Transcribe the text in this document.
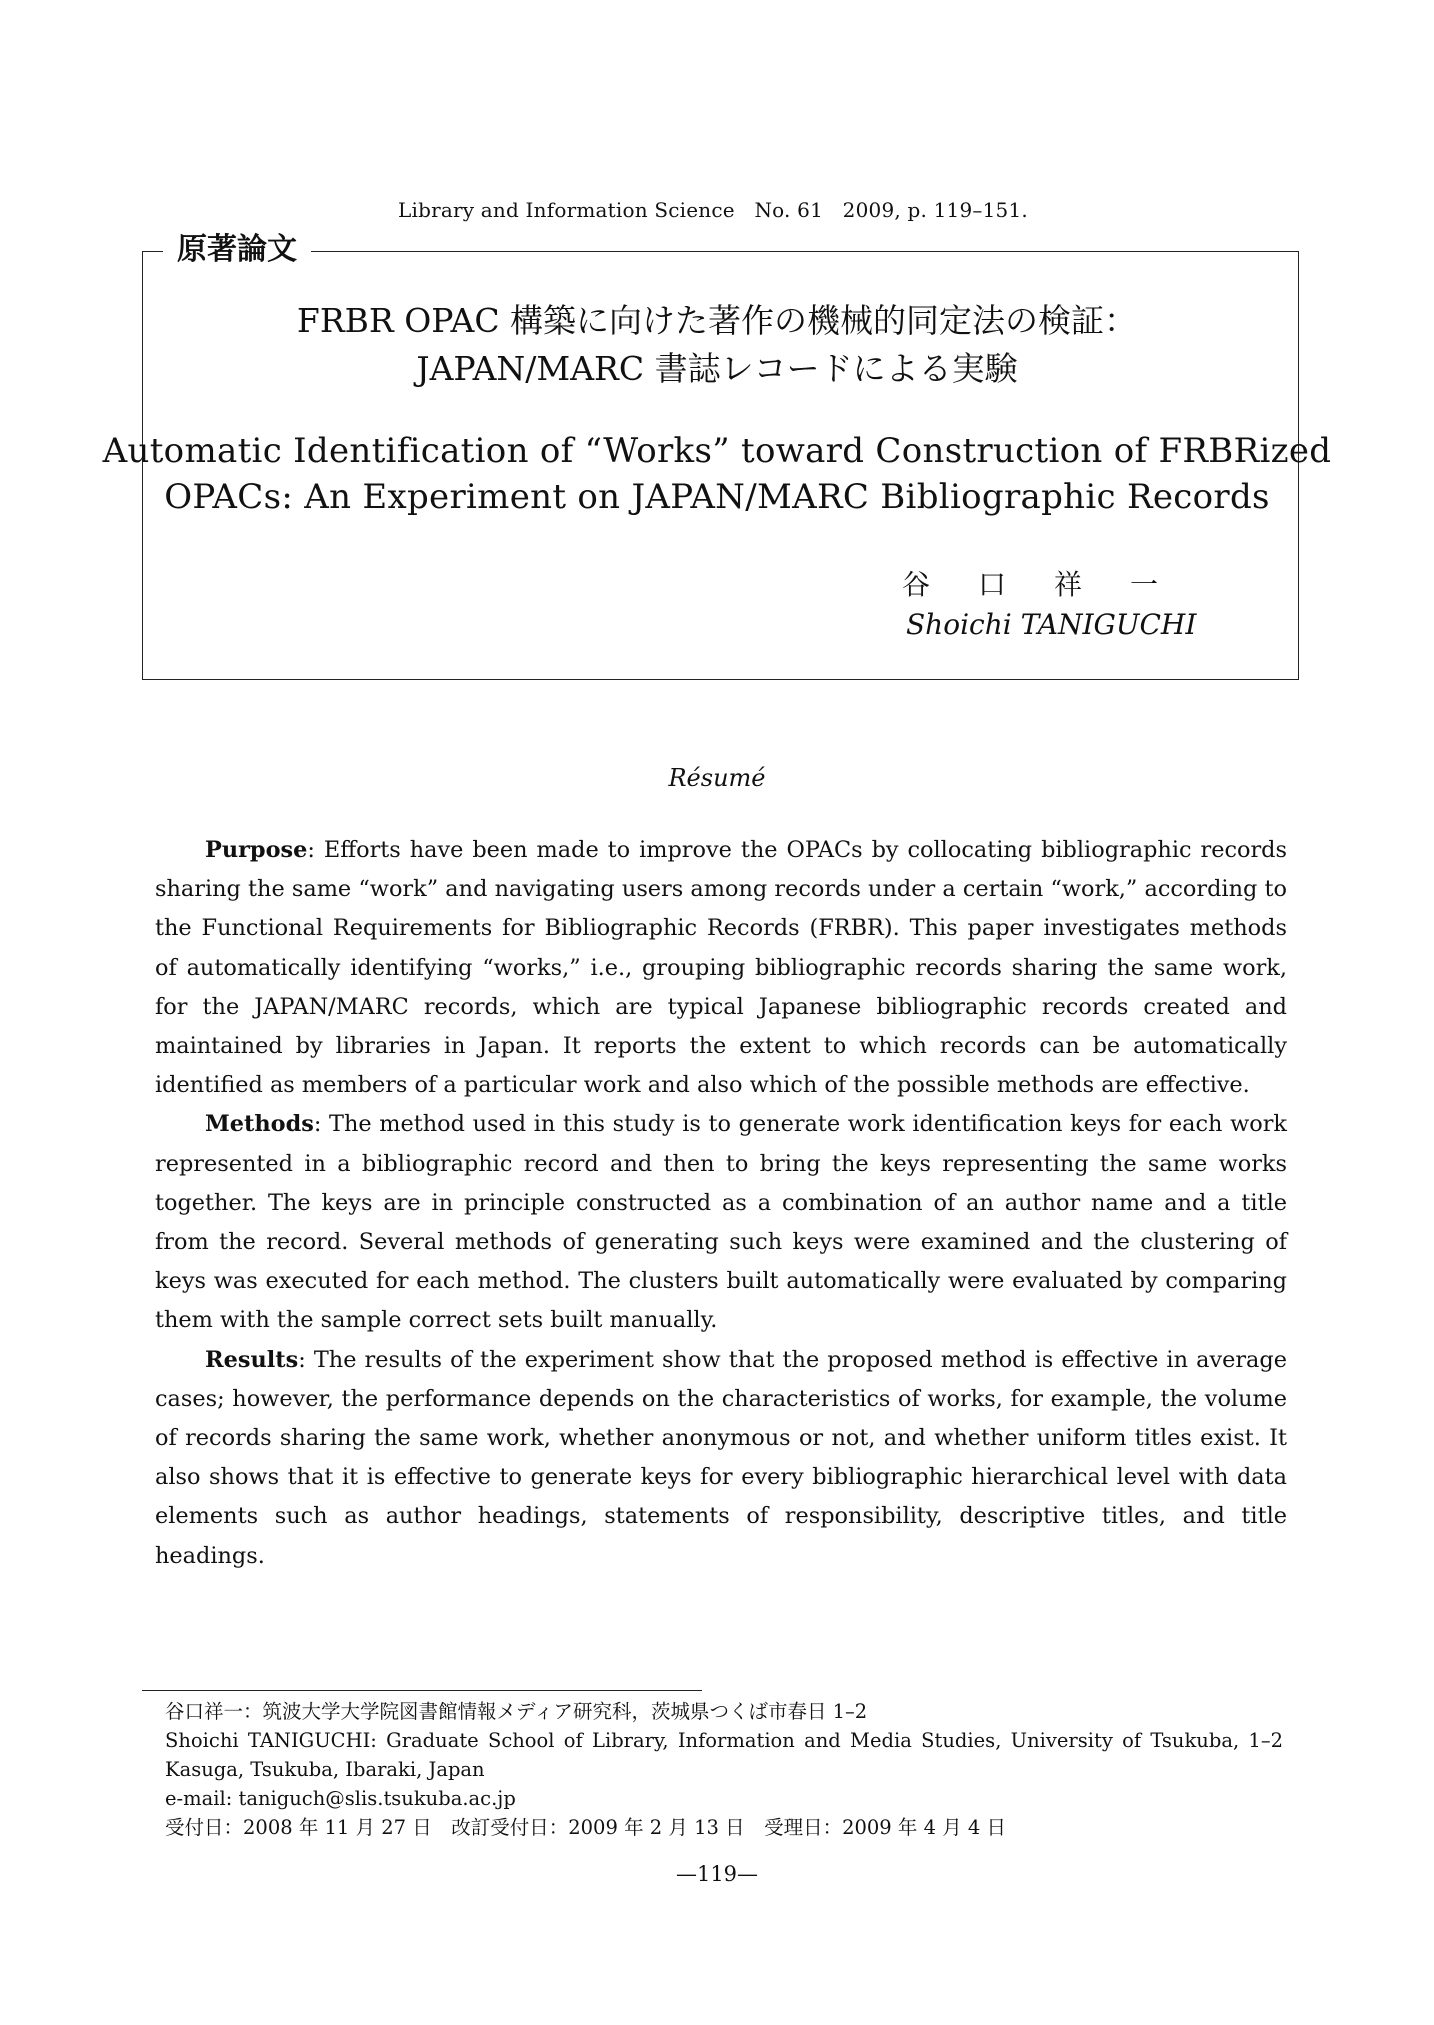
Library and Information Science   No. 61   2009, p. 119–151.
原著論文
FRBR OPAC 構築に向けた著作の機械的同定法の検証：
JAPAN/MARC 書誌レコードによる実験
Automatic Identification of “Works” toward Construction of FRBRized
OPACs: An Experiment on JAPAN/MARC Bibliographic Records
谷口祥一
Shoichi TANIGUCHI
Résumé

Purpose: Efforts have been made to improve the OPACs by collocating bibliographic records sharing the same “work” and navigating users among records under a certain “work,” according to the Functional Requirements for Bibliographic Records (FRBR). This paper investigates methods of automatically identifying “works,” i.e., grouping bibliographic records sharing the same work, for the JAPAN/MARC records, which are typical Japanese bibliographic records created and maintained by libraries in Japan. It reports the extent to which records can be automatically identified as members of a particular work and also which of the possible methods are effective.

Methods: The method used in this study is to generate work identification keys for each work represented in a bibliographic record and then to bring the keys representing the same works together. The keys are in principle constructed as a combination of an author name and a title from the record. Several methods of generating such keys were examined and the clustering of keys was executed for each method. The clusters built automatically were evaluated by comparing them with the sample correct sets built manually.

Results: The results of the experiment show that the proposed method is effective in average cases; however, the performance depends on the characteristics of works, for example, the volume of records sharing the same work, whether anonymous or not, and whether uniform titles exist. It also shows that it is effective to generate keys for every bibliographic hierarchical level with data elements such as author headings, statements of responsibility, descriptive titles, and title headings.

谷口祥一：筑波大学大学院図書館情報メディア研究科，茨城県つくば市春日 1–2
Shoichi TANIGUCHI: Graduate School of Library, Information and Media Studies, University of Tsukuba, 1–2 Kasuga, Tsukuba, Ibaraki, Japan
e-mail: taniguch@slis.tsukuba.ac.jp
受付日：2008 年 11 月 27 日　改訂受付日：2009 年 2 月 13 日　受理日：2009 年 4 月 4 日
—119—
